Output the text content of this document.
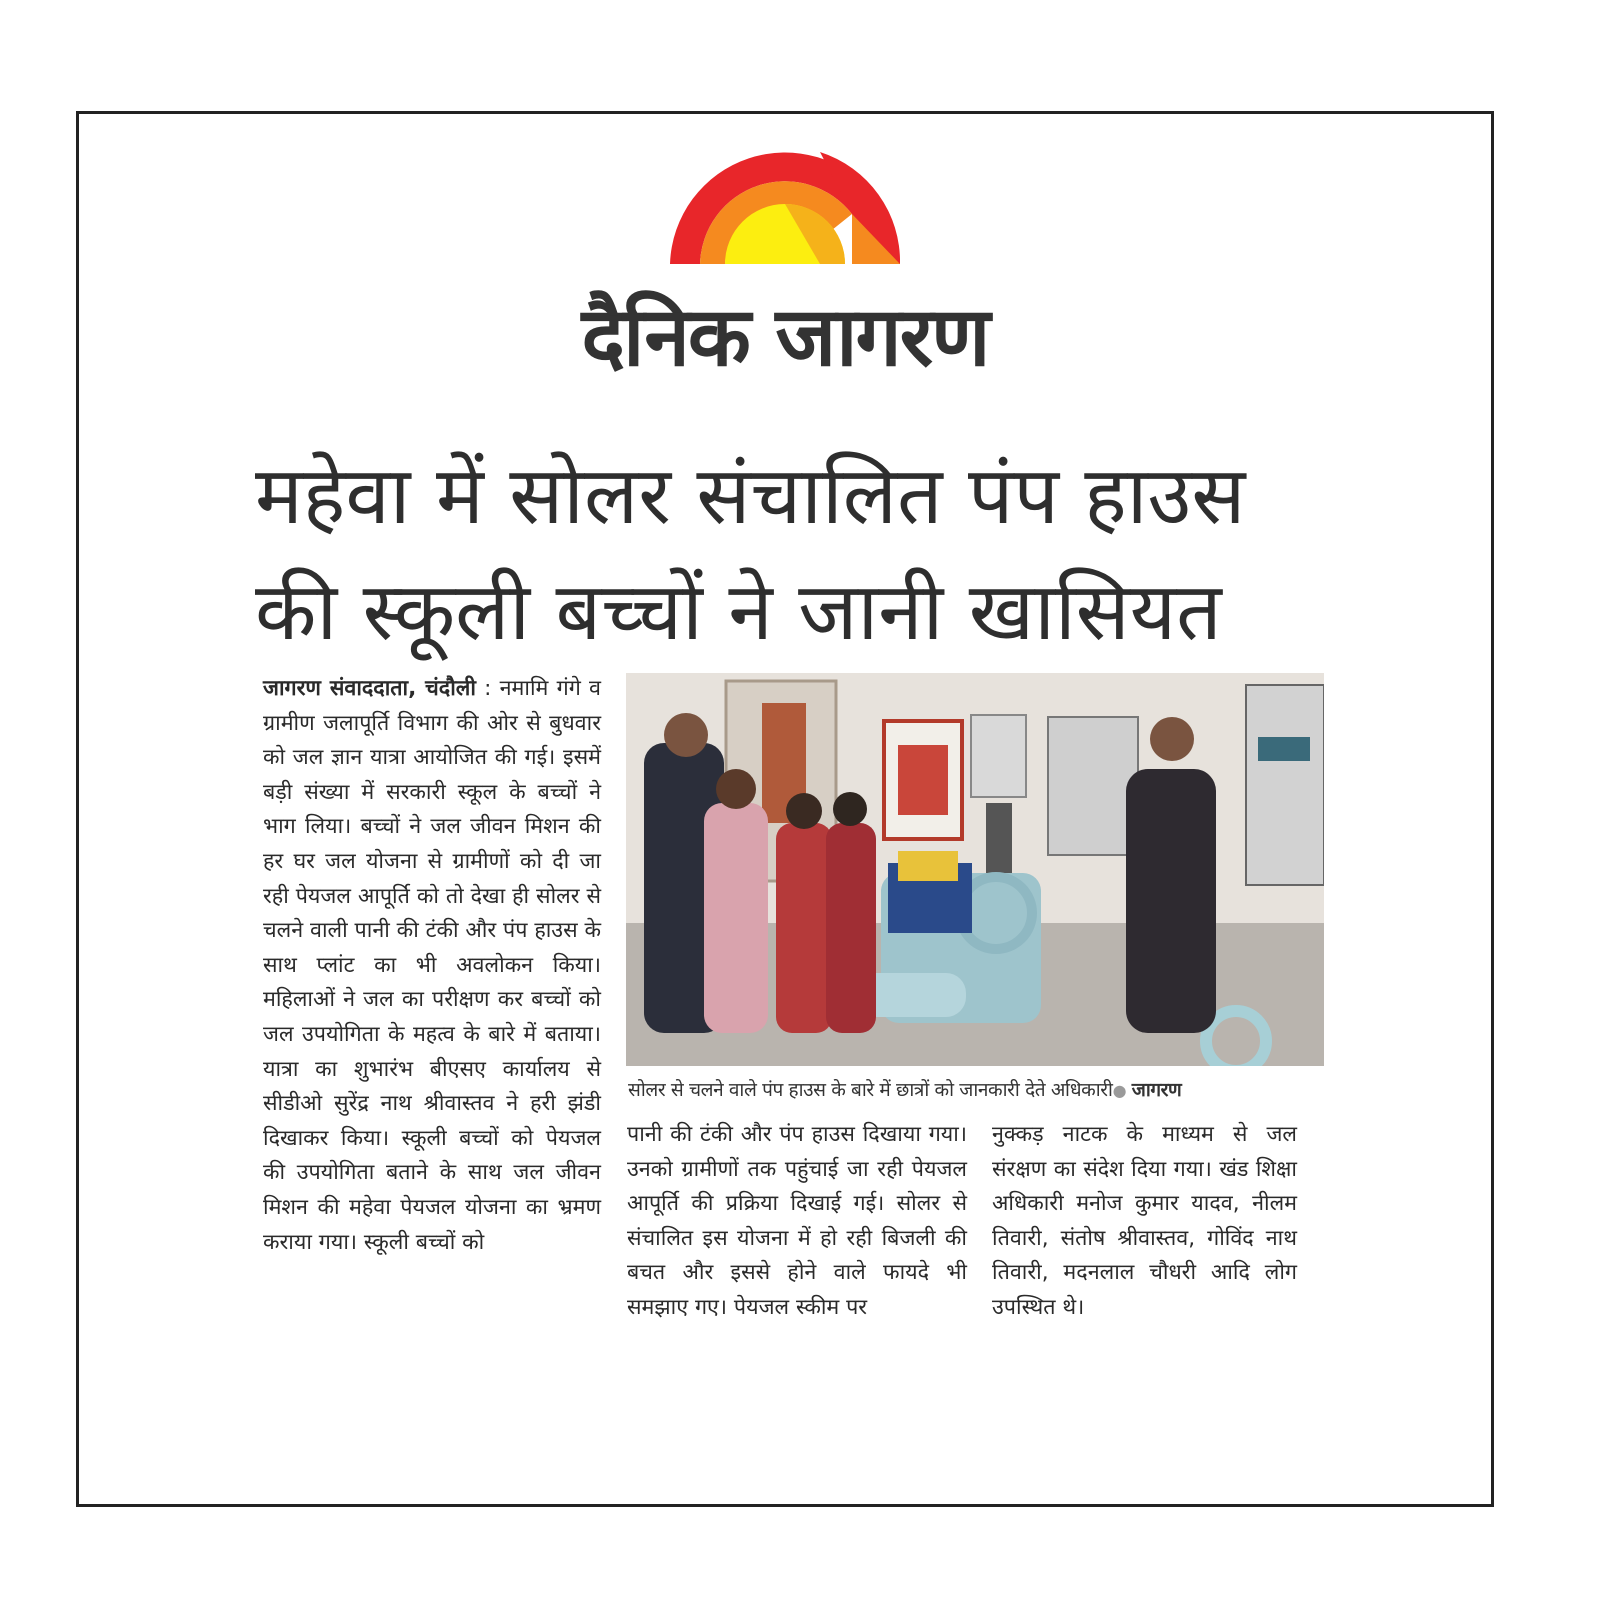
दैनिक जागरण
महेवा में सोलर संचालित पंप हाउस
की स्कूली बच्चों ने जानी खासियत

जागरण संवाददाता, चंदौली : नमामि गंगे व ग्रामीण जलापूर्ति विभाग की ओर से बुधवार को जल ज्ञान यात्रा आयोजित की गई। इसमें बड़ी संख्या में सरकारी स्कूल के बच्चों ने भाग लिया। बच्चों ने जल जीवन मिशन की हर घर जल योजना से ग्रामीणों को दी जा रही पेयजल आपूर्ति को तो देखा ही सोलर से चलने वाली पानी की टंकी और पंप हाउस के साथ प्लांट का भी अवलोकन किया। महिलाओं ने जल का परीक्षण कर बच्चों को जल उपयोगिता के महत्व के बारे में बताया। यात्रा का शुभारंभ बीएसए कार्यालय से सीडीओ सुरेंद्र नाथ श्रीवास्तव ने हरी झंडी दिखाकर किया। स्कूली बच्चों को पेयजल की उपयोगिता बताने के साथ जल जीवन मिशन की महेवा पेयजल योजना का भ्रमण कराया गया। स्कूली बच्चों को

सोलर से चलने वाले पंप हाउस के बारे में छात्रों को जानकारी देते अधिकारी● जागरण

पानी की टंकी और पंप हाउस दिखाया गया। उनको ग्रामीणों तक पहुंचाई जा रही पेयजल आपूर्ति की प्रक्रिया दिखाई गई। सोलर से संचालित इस योजना में हो रही बिजली की बचत और इससे होने वाले फायदे भी समझाए गए। पेयजल स्कीम पर

नुक्कड़ नाटक के माध्यम से जल संरक्षण का संदेश दिया गया। खंड शिक्षा अधिकारी मनोज कुमार यादव, नीलम तिवारी, संतोष श्रीवास्तव, गोविंद नाथ तिवारी, मदनलाल चौधरी आदि लोग उपस्थित थे।
